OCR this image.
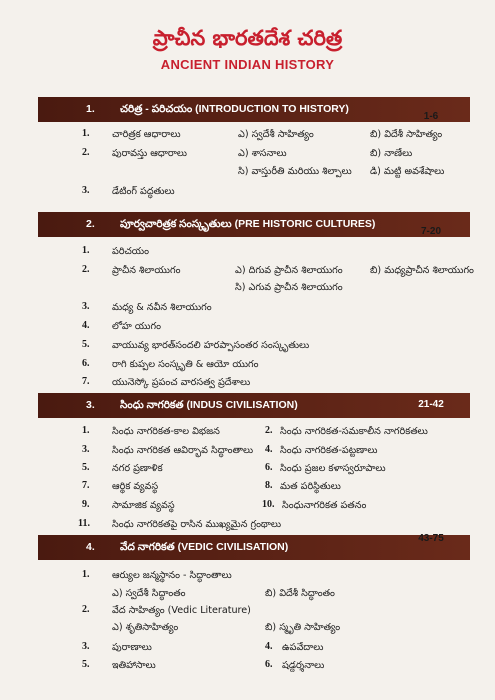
ప్రాచీన భారతదేశ చరిత్ర
ANCIENT INDIAN HISTORY
1. చరిత్ర - పరిచయం (INTRODUCTION TO HISTORY)
1-6
1. చారిత్రక ఆధారాలు	ఎ) స్వదేశీ సాహిత్యం	బి) విదేశీ సాహిత్యం
2. పురావస్తు ఆధారాలు	ఎ) శాసనాలు	బి) నాణేలు
సి) వాస్తురీతి మరియు శిల్పాలు డి) మట్టి అవశేషాలు
3. డేటింగ్ పద్ధతులు
2. పూర్వచారిత్రక సంస్కృతులు (PRE HISTORIC CULTURES)
7-20
1. పరిచయం
2. ప్రాచీన శిలాయుగం	ఎ) దిగువ ప్రాచీన శిలాయుగం	బి) మధ్యప్రాచీన శిలాయుగం
సి) ఎగువ ప్రాచీన శిలాయుగం
3. మధ్య & నవీన శిలాయుగం
4. లోహ యుగం
5. వాయువ్య భారత్‌సందలి హరప్పాసంతర సంస్కృతులు
6. రాగి కుప్పల సంస్కృతి & ఆయో యుగం
7. యునెస్కో ప్రపంచ వారసత్వ ప్రదేశాలు
3. సింధు నాగరికత (INDUS CIVILISATION)	21-42
1. సింధు నాగరికత-కాల విభజన	2. సింధు నాగరికత-సమకాలీన నాగరికతలు
3. సింధు నాగరికత ఆవిర్భావ సిద్ధాంతాలు 4. సింధు నాగరికత-పట్టణాలు
5. నగర ప్రణాళిక	6. సింధు ప్రజల కళాస్వరూపాలు
7. ఆర్థిక వ్యవస్థ	8. మత పరిస్థితులు
9. సామాజిక వ్యవస్థ	10. సింధునాగరికత పతనం
11. సింధు నాగరికతపై రాసిన ముఖ్యమైన గ్రంథాలు
4. వేద నాగరికత (VEDIC CIVILISATION)
43-75
1. ఆర్యుల జన్మస్థానం - సిద్ధాంతాలు
ఎ) స్వదేశీ సిద్ధాంతం	బి) విదేశీ సిద్ధాంతం
2. వేద సాహిత్యం (Vedic Literature)
ఎ) శృతిసాహిత్యం	బి) స్మృతి సాహిత్యం
3. పురాణాలు	4. ఉపవేదాలు
5. ఇతిహాసాలు	6. షడ్దర్శనాలు
